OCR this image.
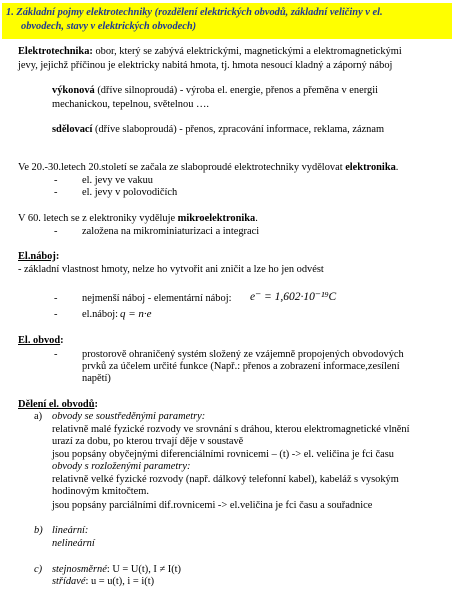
1. Základní pojmy elektrotechniky (rozdělení elektrických obvodů, základní veličiny v el.
obvodech, stavy v elektrických obvodech)
Elektrotechnika: obor, který se zabývá elektrickými, magnetickými a elektromagnetickými
jevy, jejichž příčinou je elektricky nabitá hmota, tj. hmota nesoucí kladný a záporný náboj
výkonová (dříve silnoproudá) - výroba el. energie, přenos a přeměna v energii
mechanickou, tepelnou, světelnou ….
sdělovací (dříve slaboproudá) - přenos, zpracování informace, reklama, záznam
Ve 20.-30.letech 20.století se začala ze slaboproudé elektrotechniky vydělovat elektronika.
- el. jevy ve vakuu
- el. jevy v polovodičích
V 60. letech se z elektroniky vyděluje mikroelektronika.
- založena na mikrominiaturizaci a integraci
El.náboj:
- základní vlastnost hmoty, nelze ho vytvořit ani zničit a lze ho jen odvést
- nejmenší náboj - elementární náboj: e⁻ = 1,602·10⁻¹⁹C
- el.náboj: q = n·e
El. obvod:
- prostorově ohraničený systém složený ze vzájemně propojených obvodových
prvků za účelem určité funkce (Např.: přenos a zobrazení informace,zesílení
napětí)
Dělení el. obvodů:
a) obvody se soustředěnými parametry:
relativně malé fyzické rozvody ve srovnání s dráhou, kterou elektromagnetické vlnění
urazí za dobu, po kterou trvají děje v soustavě
jsou popsány obyčejnými diferenciálními rovnicemi – (t) -> el. veličina je fci času
obvody s rozloženými parametry:
relativně velké fyzické rozvody (např. dálkový telefonní kabel), kabeláž s vysokým
hodinovým kmitočtem.
jsou popsány parciálními dif.rovnicemi -> el.veličina je fci času a souřadnice
b) lineární:
nelineární
c) stejnosměrné: U = U(t), I ≠ I(t)
střídavé: u = u(t), i = i(t)
